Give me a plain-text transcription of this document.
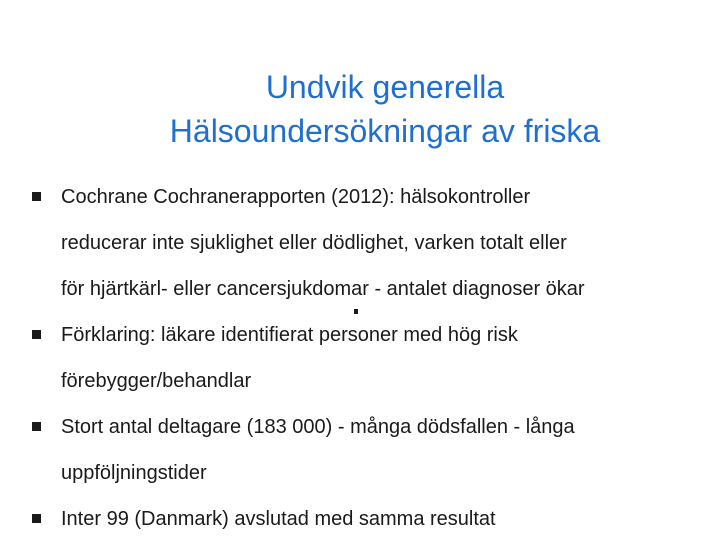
Undvik generella
Hälsoundersökningar av friska
Cochrane Cochranerapporten (2012): hälsokontroller
reducerar inte sjuklighet eller dödlighet, varken totalt eller
för hjärtkärl- eller cancersjukdomar - antalet diagnoser ökar
Förklaring: läkare identifierat personer med hög risk
förebygger/behandlar
Stort antal deltagare (183 000) - många dödsfallen - långa
uppföljningstider
Inter 99 (Danmark) avslutad med samma resultat
